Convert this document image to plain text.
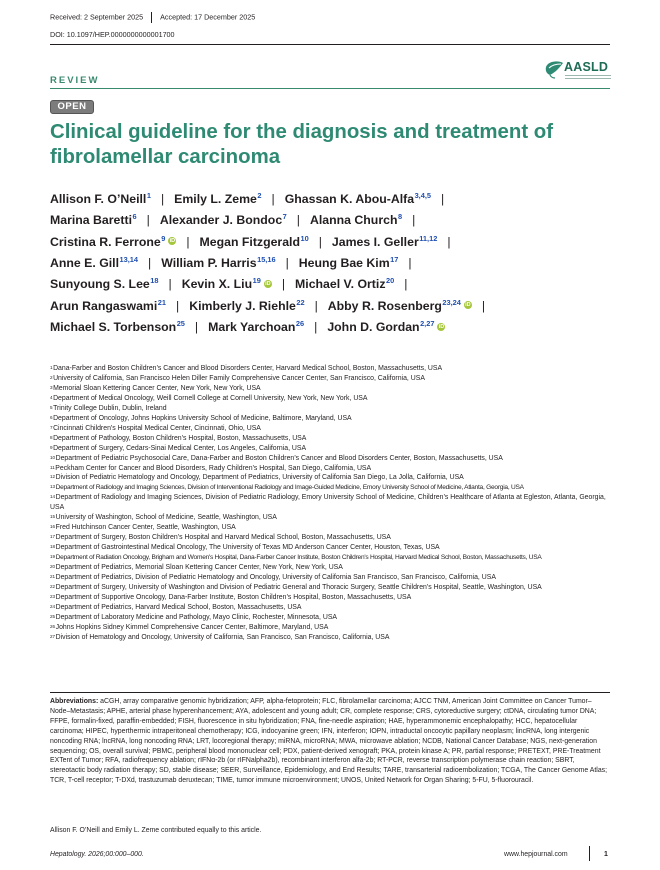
Received: 2 September 2025 Accepted: 17 December 2025
DOI: 10.1097/HEP.0000000000001700
AASLD
REVIEW
OPEN
Clinical guideline for the diagnosis and treatment of
fibrolamellar carcinoma
Allison F. O’Neill$^1$ | Emily L. Zeme$^2$ | Ghassan K. Abou-Alfa$^{3,4,5}$ |
Marina Baretti$^6$ | Alexander J. Bondoc$^7$ | Alanna Church$^8$ |
Cristina R. Ferrone$^9$ iD | Megan Fitzgerald$^{10}$ | James I. Geller$^{11,12}$ |
Anne E. Gill$^{13,14}$ | William P. Harris$^{15,16}$ | Heung Bae Kim$^{17}$ |
Sunyoung S. Lee$^{18}$ | Kevin X. Liu$^{19}$ iD | Michael V. Ortiz$^{20}$ |
Arun Rangaswami$^{21}$ | Kimberly J. Riehle$^{22}$ | Abby R. Rosenberg$^{23,24}$ iD |
Michael S. Torbenson$^{25}$ | Mark Yarchoan$^{26}$ | John D. Gordan$^{2,27}$ iD
$^1$Dana-Farber and Boston Children’s Cancer and Blood Disorders Center, Harvard Medical School, Boston, Massachusetts, USA
$^2$University of California, San Francisco Helen Diller Family Comprehensive Cancer Center, San Francisco, California, USA
$^3$Memorial Sloan Kettering Cancer Center, New York, New York, USA
$^4$Department of Medical Oncology, Weill Cornell College at Cornell University, New York, New York, USA
$^5$Trinity College Dublin, Dublin, Ireland
$^6$Department of Oncology, Johns Hopkins University School of Medicine, Baltimore, Maryland, USA
$^7$Cincinnati Children’s Hospital Medical Center, Cincinnati, Ohio, USA
$^8$Department of Pathology, Boston Children’s Hospital, Boston, Massachusetts, USA
$^9$Department of Surgery, Cedars-Sinai Medical Center, Los Angeles, California, USA
$^{10}$Department of Pediatric Psychosocial Care, Dana-Farber and Boston Children’s Cancer and Blood Disorders Center, Boston, Massachusetts, USA
$^{11}$Peckham Center for Cancer and Blood Disorders, Rady Children’s Hospital, San Diego, California, USA
$^{12}$Division of Pediatric Hematology and Oncology, Department of Pediatrics, University of California San Diego, La Jolla, California, USA
$^{13}$Department of Radiology and Imaging Sciences, Division of Interventional Radiology and Image-Guided Medicine, Emory University School of Medicine, Atlanta, Georgia, USA
$^{14}$Department of Radiology and Imaging Sciences, Division of Pediatric Radiology, Emory University School of Medicine, Children’s Healthcare of Atlanta at Egleston, Atlanta, Georgia, USA
$^{15}$University of Washington, School of Medicine, Seattle, Washington, USA
$^{16}$Fred Hutchinson Cancer Center, Seattle, Washington, USA
$^{17}$Department of Surgery, Boston Children’s Hospital and Harvard Medical School, Boston, Massachusetts, USA
$^{18}$Department of Gastrointestinal Medical Oncology, The University of Texas MD Anderson Cancer Center, Houston, Texas, USA
$^{19}$Department of Radiation Oncology, Brigham and Women's Hospital, Dana-Farber Cancer Institute, Boston Children's Hospital, Harvard Medical School, Boston, Massachusetts, USA
$^{20}$Department of Pediatrics, Memorial Sloan Kettering Cancer Center, New York, New York, USA
$^{21}$Department of Pediatrics, Division of Pediatric Hematology and Oncology, University of California San Francisco, San Francisco, California, USA
$^{22}$Department of Surgery, University of Washington and Division of Pediatric General and Thoracic Surgery, Seattle Children’s Hospital, Seattle, Washington, USA
$^{23}$Department of Supportive Oncology, Dana-Farber Institute, Boston Children’s Hospital, Boston, Massachusetts, USA
$^{24}$Department of Pediatrics, Harvard Medical School, Boston, Massachusetts, USA
$^{25}$Department of Laboratory Medicine and Pathology, Mayo Clinic, Rochester, Minnesota, USA
$^{26}$Johns Hopkins Sidney Kimmel Comprehensive Cancer Center, Baltimore, Maryland, USA
$^{27}$Division of Hematology and Oncology, University of California, San Francisco, San Francisco, California, USA
Abbreviations: aCGH, array comparative genomic hybridization; AFP, alpha-fetoprotein; FLC, fibrolamellar carcinoma; AJCC TNM, American Joint Committee on Cancer Tumor–Node–Metastasis; APHE, arterial phase hyperenhancement; AYA, adolescent and young adult; CR, complete response; CRS, cytoreductive surgery; ctDNA, circulating tumor DNA; FFPE, formalin-fixed, paraffin-embedded; FISH, fluorescence in situ hybridization; FNA, fine-needle aspiration; HAE, hyperammonemic encephalopathy; HCC, hepatocellular carcinoma; HIPEC, hyperthermic intraperitoneal chemotherapy; ICG, indocyanine green; IFN, interferon; IOPN, intraductal oncocytic papillary neoplasm; lincRNA, long intergenic noncoding RNA; lncRNA, long noncoding RNA; LRT, locoregional therapy; miRNA, microRNA; MWA, microwave ablation; NCDB, National Cancer Database; NGS, next-generation sequencing; OS, overall survival; PBMC, peripheral blood mononuclear cell; PDX, patient-derived xenograft; PKA, protein kinase A; PR, partial response; PRETEXT, PRE-Treatment EXTent of Tumor; RFA, radiofrequency ablation; rIFNα-2b (or rIFNalpha2b), recombinant interferon alfa-2b; RT-PCR, reverse transcription polymerase chain reaction; SBRT, stereotactic body radiation therapy; SD, stable disease; SEER, Surveillance, Epidemiology, and End Results; TARE, transarterial radioembolization; TCGA, The Cancer Genome Atlas; TCR, T-cell receptor; T-DXd, trastuzumab deruxtecan; TIME, tumor immune microenvironment; UNOS, United Network for Organ Sharing; 5-FU, 5-fluorouracil.
Allison F. O’Neill and Emily L. Zeme contributed equally to this article.
Hepatology. 2026;00:000–000.	www.hepjournal.com	1
